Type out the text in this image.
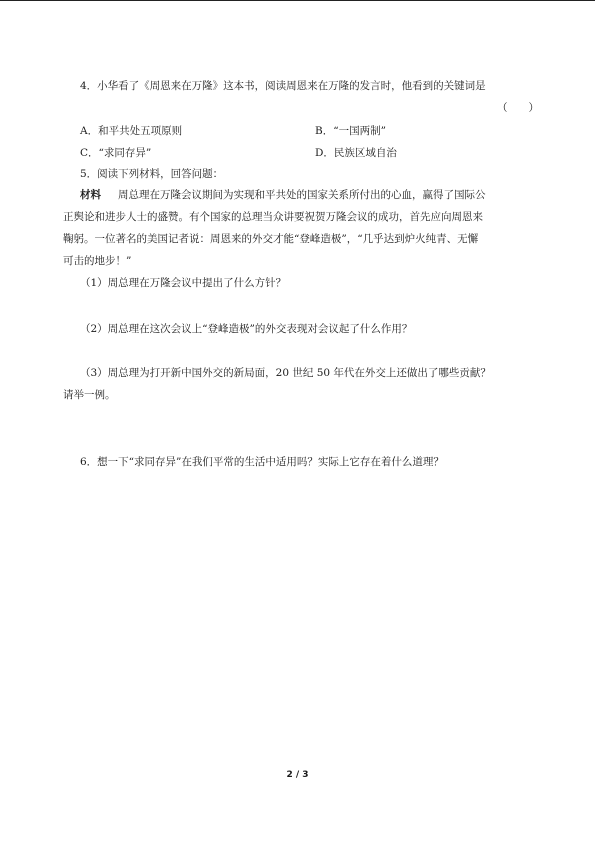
4．小华看了《周恩来在万隆》这本书，阅读周恩来在万隆的发言时，他看到的关键词是
（　　）
A．和平共处五项原则	B．“一国两制”
C．“求同存异”	D．民族区域自治
5．阅读下列材料，回答问题：
材料 周总理在万隆会议期间为实现和平共处的国家关系所付出的心血，赢得了国际公
正舆论和进步人士的盛赞。有个国家的总理当众讲要祝贺万隆会议的成功，首先应向周恩来
鞠躬。一位著名的美国记者说：周恩来的外交才能“登峰造极”，“几乎达到炉火纯青、无懈
可击的地步！”
（1）周总理在万隆会议中提出了什么方针？
（2）周总理在这次会议上“登峰造极”的外交表现对会议起了什么作用？
（3）周总理为打开新中国外交的新局面，20 世纪 50 年代在外交上还做出了哪些贡献？
请举一例。
6．想一下“求同存异”在我们平常的生活中适用吗？实际上它存在着什么道理？
2 / 3
